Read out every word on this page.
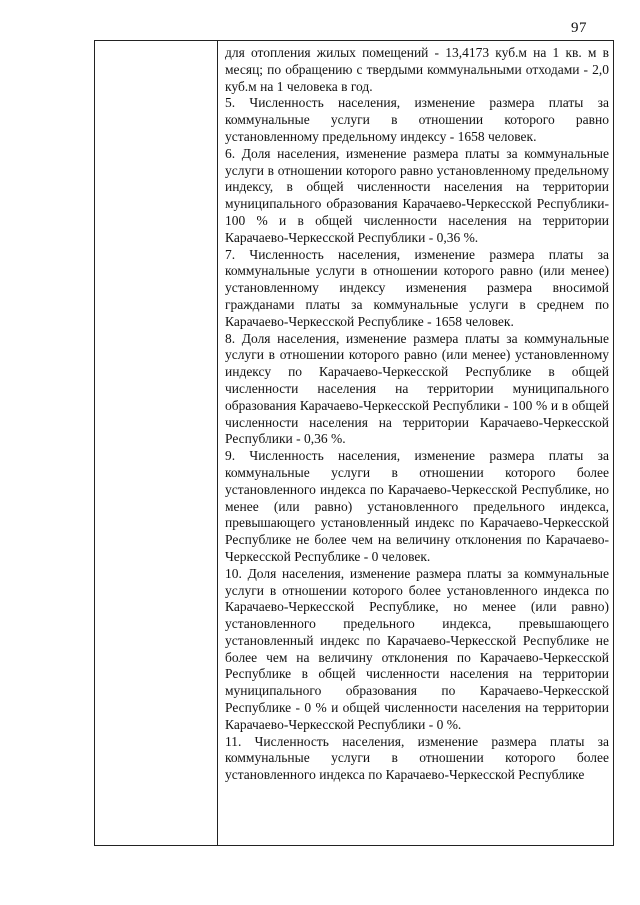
97

для отопления жилых помещений - 13,4173 куб.м на 1 кв. м в месяц; по обращению с твердыми коммунальными отходами - 2,0 куб.м на 1 человека в год.

5. Численность населения, изменение размера платы за коммунальные услуги в отношении которого равно установленному предельному индексу - 1658 человек.

6. Доля населения, изменение размера платы за коммунальные услуги в отношении которого равно установленному предельному индексу, в общей численности населения на территории муниципального образования Карачаево-Черкесской Республики- 100 % и в общей численности населения на территории Карачаево-Черкесской Республики - 0,36 %.

7. Численность населения, изменение размера платы за коммунальные услуги в отношении которого равно (или менее) установленному индексу изменения размера вносимой гражданами платы за коммунальные услуги в среднем по Карачаево-Черкесской Республике - 1658 человек.

8. Доля населения, изменение размера платы за коммунальные услуги в отношении которого равно (или менее) установленному индексу по Карачаево-Черкесской Республике в общей численности населения на территории муниципального образования Карачаево-Черкесской Республики - 100 % и в общей численности населения на территории Карачаево-Черкесской Республики - 0,36 %.

9. Численность населения, изменение размера платы за коммунальные услуги в отношении которого более установленного индекса по Карачаево-Черкесской Республике, но менее (или равно) установленного предельного индекса, превышающего установленный индекс по Карачаево-Черкесской Республике не более чем на величину отклонения по Карачаево-Черкесской Республике - 0 человек.

10. Доля населения, изменение размера платы за коммунальные услуги в отношении которого более установленного индекса по Карачаево-Черкесской Республике, но менее (или равно) установленного предельного индекса, превышающего установленный индекс по Карачаево-Черкесской Республике не более чем на величину отклонения по Карачаево-Черкесской Республике в общей численности населения на территории муниципального образования по Карачаево-Черкесской Республике - 0 % и общей численности населения на территории Карачаево-Черкесской Республики - 0 %.

11. Численность населения, изменение размера платы за коммунальные услуги в отношении которого более установленного индекса по Карачаево-Черкесской Республике
